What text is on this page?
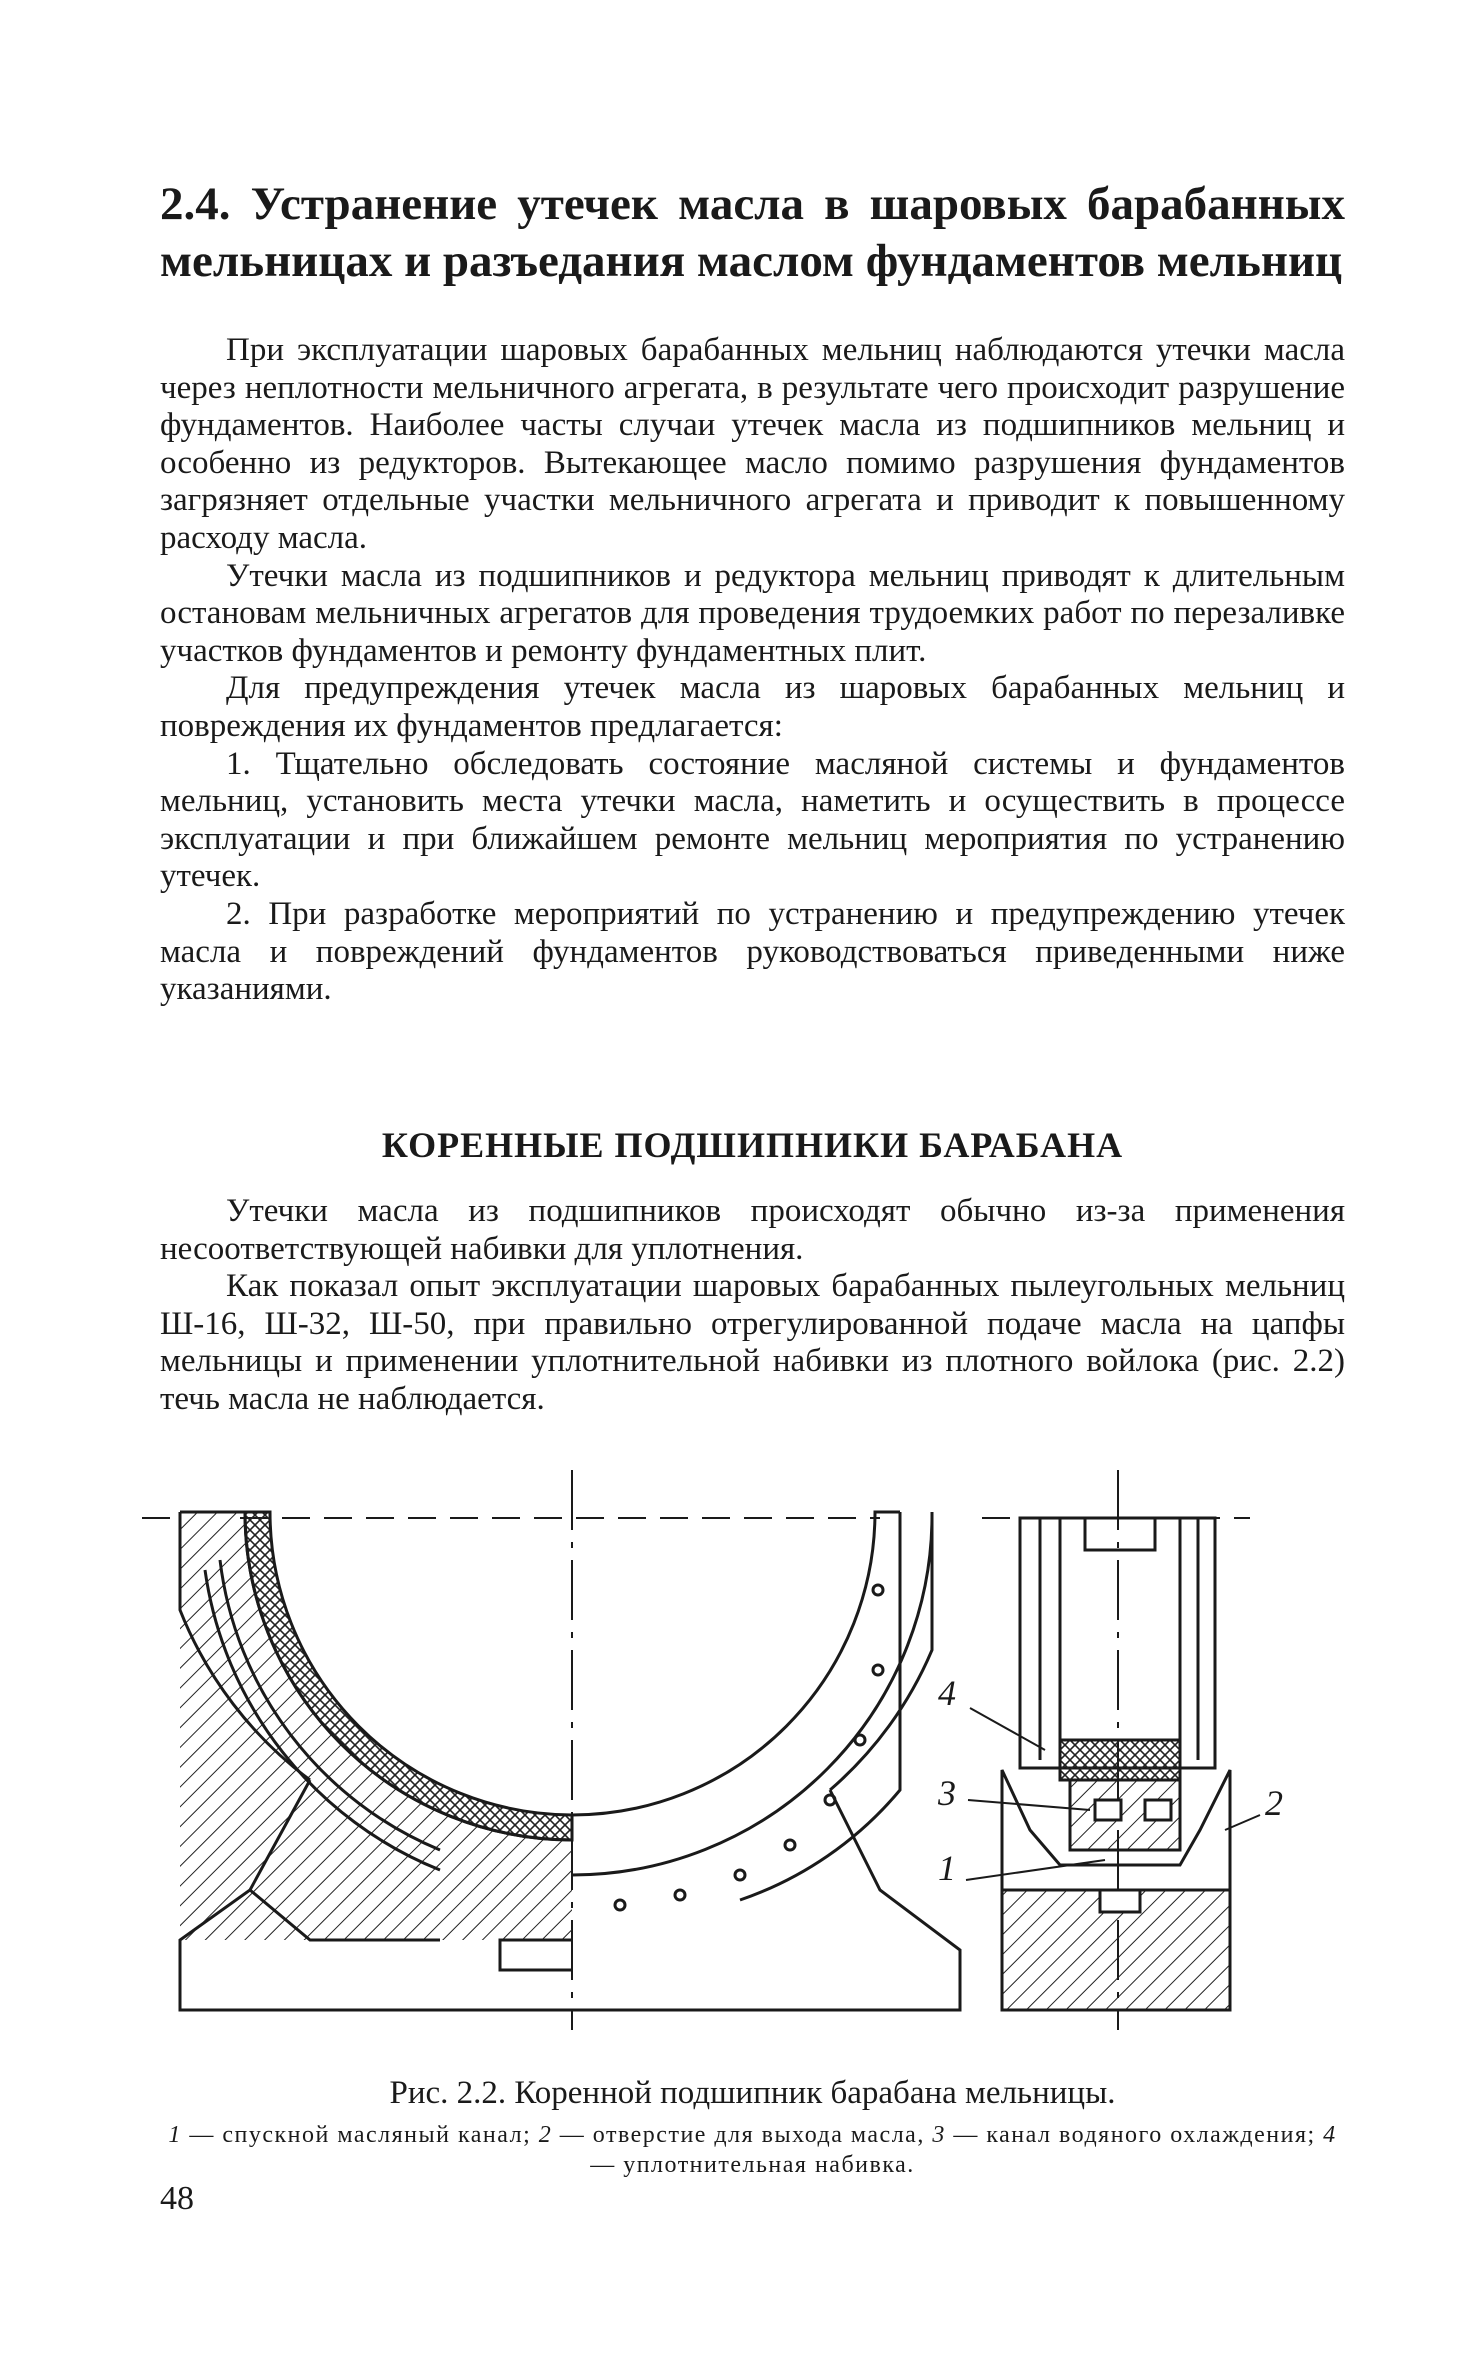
2.4. Устранение утечек масла в шаровых барабанных мельницах и разъедания маслом фундаментов мельниц

При эксплуатации шаровых барабанных мельниц наблюдаются утечки масла через неплотности мельничного агрегата, в результате чего происходит разрушение фундаментов. Наиболее часты случаи утечек масла из подшипников мельниц и особенно из редукторов. Вытекающее масло помимо разрушения фундаментов загрязняет отдельные участки мельничного агрегата и приводит к повышенному расходу масла.

Утечки масла из подшипников и редуктора мельниц приводят к длительным остановам мельничных агрегатов для проведения трудоемких работ по перезаливке участков фундаментов и ремонту фундаментных плит.

Для предупреждения утечек масла из шаровых барабанных мельниц и повреждения их фундаментов предлагается:

1. Тщательно обследовать состояние масляной системы и фундаментов мельниц, установить места утечки масла, наметить и осуществить в процессе эксплуатации и при ближайшем ремонте мельниц мероприятия по устранению утечек.

2. При разработке мероприятий по устранению и предупреждению утечек масла и повреждений фундаментов руководствоваться приведенными ниже указаниями.

КОРЕННЫЕ ПОДШИПНИКИ БАРАБАНА

Утечки масла из подшипников происходят обычно из-за применения несоответствующей набивки для уплотнения.

Как показал опыт эксплуатации шаровых барабанных пылеугольных мельниц Ш-16, Ш-32, Ш-50, при правильно отрегулированной подаче масла на цапфы мельницы и применении уплотнительной набивки из плотного войлока (рис. 2.2) течь масла не наблюдается.

4
3
1
2

Рис. 2.2. Коренной подшипник барабана мельницы.

1 — спускной масляный канал; 2 — отверстие для выхода масла, 3 — канал водяного охлаждения; 4 — уплотнительная набивка.

48
